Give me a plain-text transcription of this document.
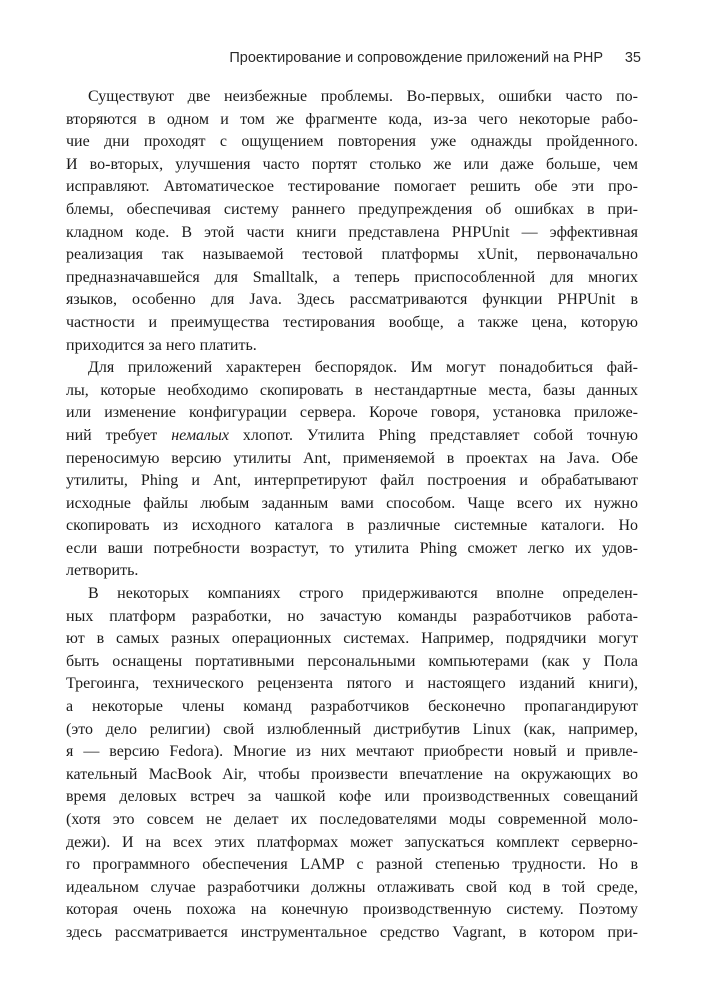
Проектирование и сопровождение приложений на PHP 35
Существуют две неизбежные проблемы. Во-первых, ошибки часто по-
вторяются в одном и том же фрагменте кода, из-за чего некоторые рабо-
чие дни проходят с ощущением повторения уже однажды пройденного.
И во-вторых, улучшения часто портят столько же или даже больше, чем
исправляют. Автоматическое тестирование помогает решить обе эти про-
блемы, обеспечивая систему раннего предупреждения об ошибках в при-
кладном коде. В этой части книги представлена PHPUnit — эффективная
реализация так называемой тестовой платформы xUnit, первоначально
предназначавшейся для Smalltalk, а теперь приспособленной для многих
языков, особенно для Java. Здесь рассматриваются функции PHPUnit в
частности и преимущества тестирования вообще, а также цена, которую
приходится за него платить.
Для приложений характерен беспорядок. Им могут понадобиться фай-
лы, которые необходимо скопировать в нестандартные места, базы данных
или изменение конфигурации сервера. Короче говоря, установка приложе-
ний требует немалых хлопот. Утилита Phing представляет собой точную
переносимую версию утилиты Ant, применяемой в проектах на Java. Обе
утилиты, Phing и Ant, интерпретируют файл построения и обрабатывают
исходные файлы любым заданным вами способом. Чаще всего их нужно
скопировать из исходного каталога в различные системные каталоги. Но
если ваши потребности возрастут, то утилита Phing сможет легко их удов-
летворить.
В некоторых компаниях строго придерживаются вполне определен-
ных платформ разработки, но зачастую команды разработчиков работа-
ют в самых разных операционных системах. Например, подрядчики могут
быть оснащены портативными персональными компьютерами (как у Пола
Трегоинга, технического рецензента пятого и настоящего изданий книги),
а некоторые члены команд разработчиков бесконечно пропагандируют
(это дело религии) свой излюбленный дистрибутив Linux (как, например,
я — версию Fedora). Многие из них мечтают приобрести новый и привле-
кательный MacBook Air, чтобы произвести впечатление на окружающих во
время деловых встреч за чашкой кофе или производственных совещаний
(хотя это совсем не делает их последователями моды современной моло-
дежи). И на всех этих платформах может запускаться комплект серверно-
го программного обеспечения LAMP с разной степенью трудности. Но в
идеальном случае разработчики должны отлаживать свой код в той среде,
которая очень похожа на конечную производственную систему. Поэтому
здесь рассматривается инструментальное средство Vagrant, в котором при-
